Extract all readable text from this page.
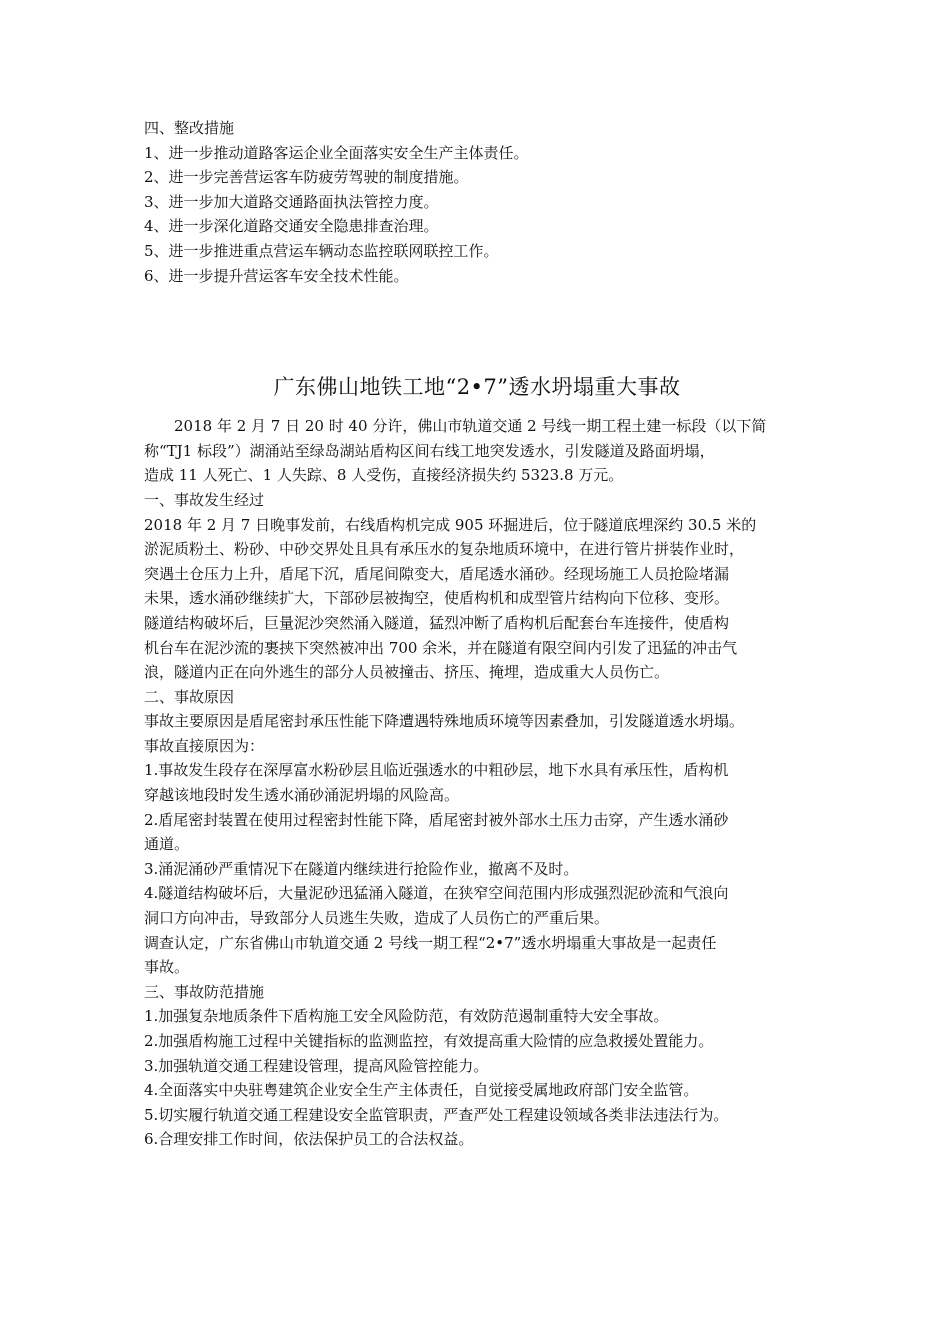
四、整改措施
1、进一步推动道路客运企业全面落实安全生产主体责任。
2、进一步完善营运客车防疲劳驾驶的制度措施。
3、进一步加大道路交通路面执法管控力度。
4、进一步深化道路交通安全隐患排查治理。
5、进一步推进重点营运车辆动态监控联网联控工作。
6、进一步提升营运客车安全技术性能。
广东佛山地铁工地“2•7”透水坍塌重大事故
2018 年 2 月 7 日 20 时 40 分许，佛山市轨道交通 2 号线一期工程土建一标段（以下简
称“TJ1 标段”）湖涌站至绿岛湖站盾构区间右线工地突发透水，引发隧道及路面坍塌，
造成 11 人死亡、1 人失踪、8 人受伤，直接经济损失约 5323.8 万元。
一、事故发生经过
2018 年 2 月 7 日晚事发前，右线盾构机完成 905 环掘进后，位于隧道底埋深约 30.5 米的
淤泥质粉土、粉砂、中砂交界处且具有承压水的复杂地质环境中，在进行管片拼装作业时，
突遇土仓压力上升，盾尾下沉，盾尾间隙变大，盾尾透水涌砂。经现场施工人员抢险堵漏
未果，透水涌砂继续扩大，下部砂层被掏空，使盾构机和成型管片结构向下位移、变形。
隧道结构破坏后，巨量泥沙突然涌入隧道，猛烈冲断了盾构机后配套台车连接件，使盾构
机台车在泥沙流的裹挟下突然被冲出 700 余米，并在隧道有限空间内引发了迅猛的冲击气
浪，隧道内正在向外逃生的部分人员被撞击、挤压、掩埋，造成重大人员伤亡。
二、事故原因
事故主要原因是盾尾密封承压性能下降遭遇特殊地质环境等因素叠加，引发隧道透水坍塌。
事故直接原因为：
1.事故发生段存在深厚富水粉砂层且临近强透水的中粗砂层，地下水具有承压性，盾构机
穿越该地段时发生透水涌砂涌泥坍塌的风险高。
2.盾尾密封装置在使用过程密封性能下降，盾尾密封被外部水土压力击穿，产生透水涌砂
通道。
3.涌泥涌砂严重情况下在隧道内继续进行抢险作业，撤离不及时。
4.隧道结构破坏后，大量泥砂迅猛涌入隧道，在狭窄空间范围内形成强烈泥砂流和气浪向
洞口方向冲击，导致部分人员逃生失败，造成了人员伤亡的严重后果。
调查认定，广东省佛山市轨道交通 2 号线一期工程“2•7”透水坍塌重大事故是一起责任
事故。
三、事故防范措施
1.加强复杂地质条件下盾构施工安全风险防范，有效防范遏制重特大安全事故。
2.加强盾构施工过程中关键指标的监测监控，有效提高重大险情的应急救援处置能力。
3.加强轨道交通工程建设管理，提高风险管控能力。
4.全面落实中央驻粤建筑企业安全生产主体责任，自觉接受属地政府部门安全监管。
5.切实履行轨道交通工程建设安全监管职责，严查严处工程建设领域各类非法违法行为。
6.合理安排工作时间，依法保护员工的合法权益。
